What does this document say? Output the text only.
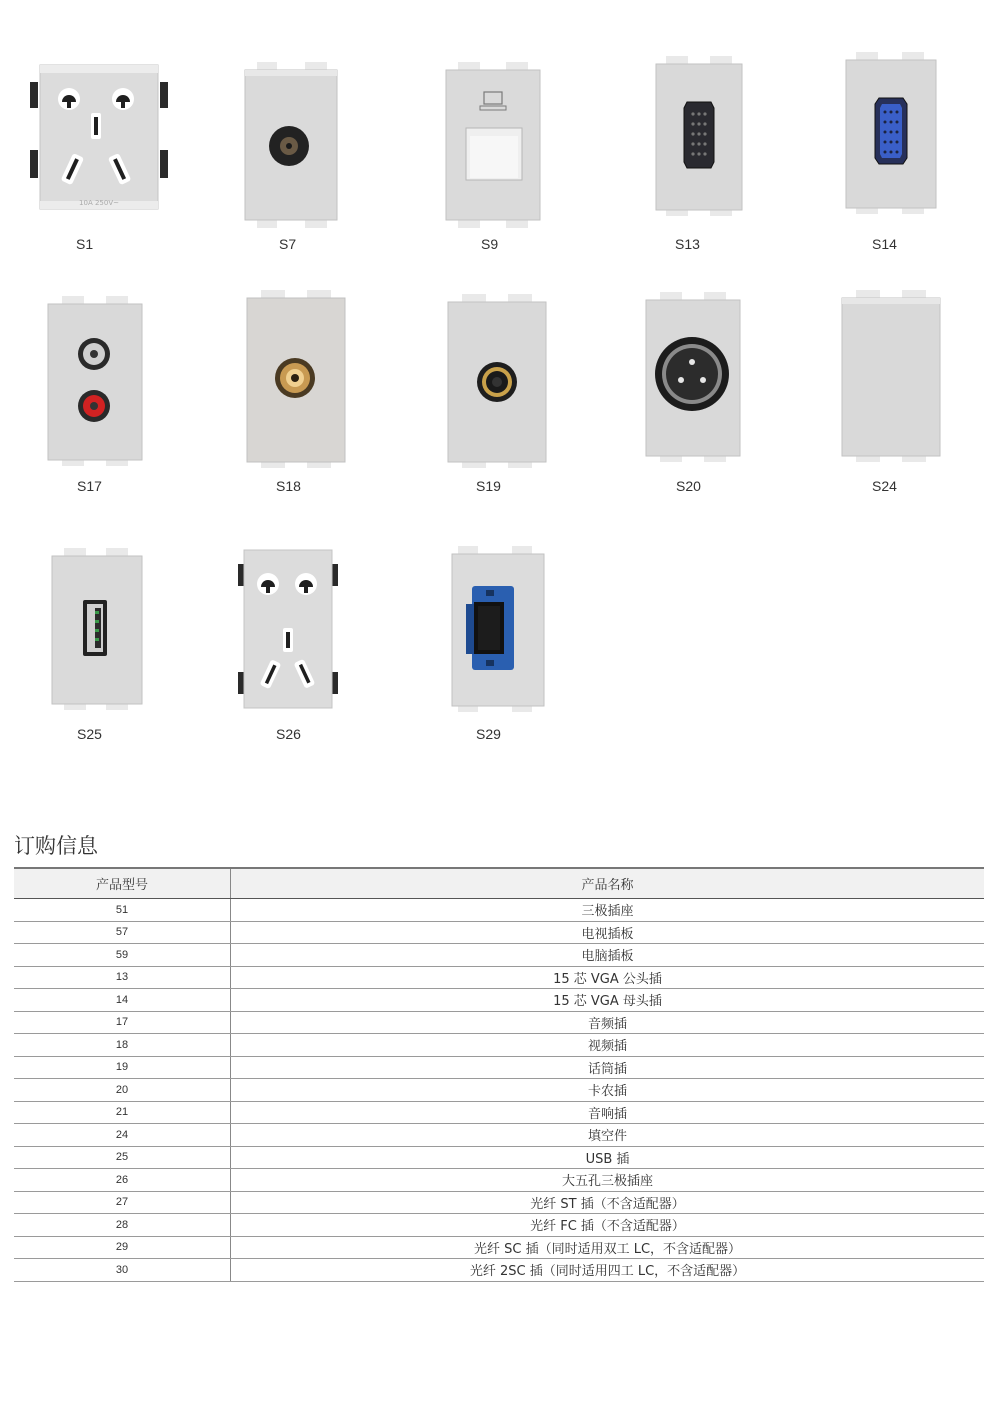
10A 250V~
S1	S7	S9	S13	S14
S17	S18	S19	S20	S24
S25	S26	S29
订购信息
产品型号	产品名称
51	三极插座
57	电视插板
59	电脑插板
13	15 芯 VGA 公头插
14	15 芯 VGA 母头插
17	音频插
18	视频插
19	话筒插
20	卡农插
21	音响插
24	填空件
25	USB 插
26	大五孔三极插座
27	光纤 ST 插（不含适配器）
28	光纤 FC 插（不含适配器）
29	光纤 SC 插（同时适用双工 LC，不含适配器）
30	光纤 2SC 插（同时适用四工 LC，不含适配器）
